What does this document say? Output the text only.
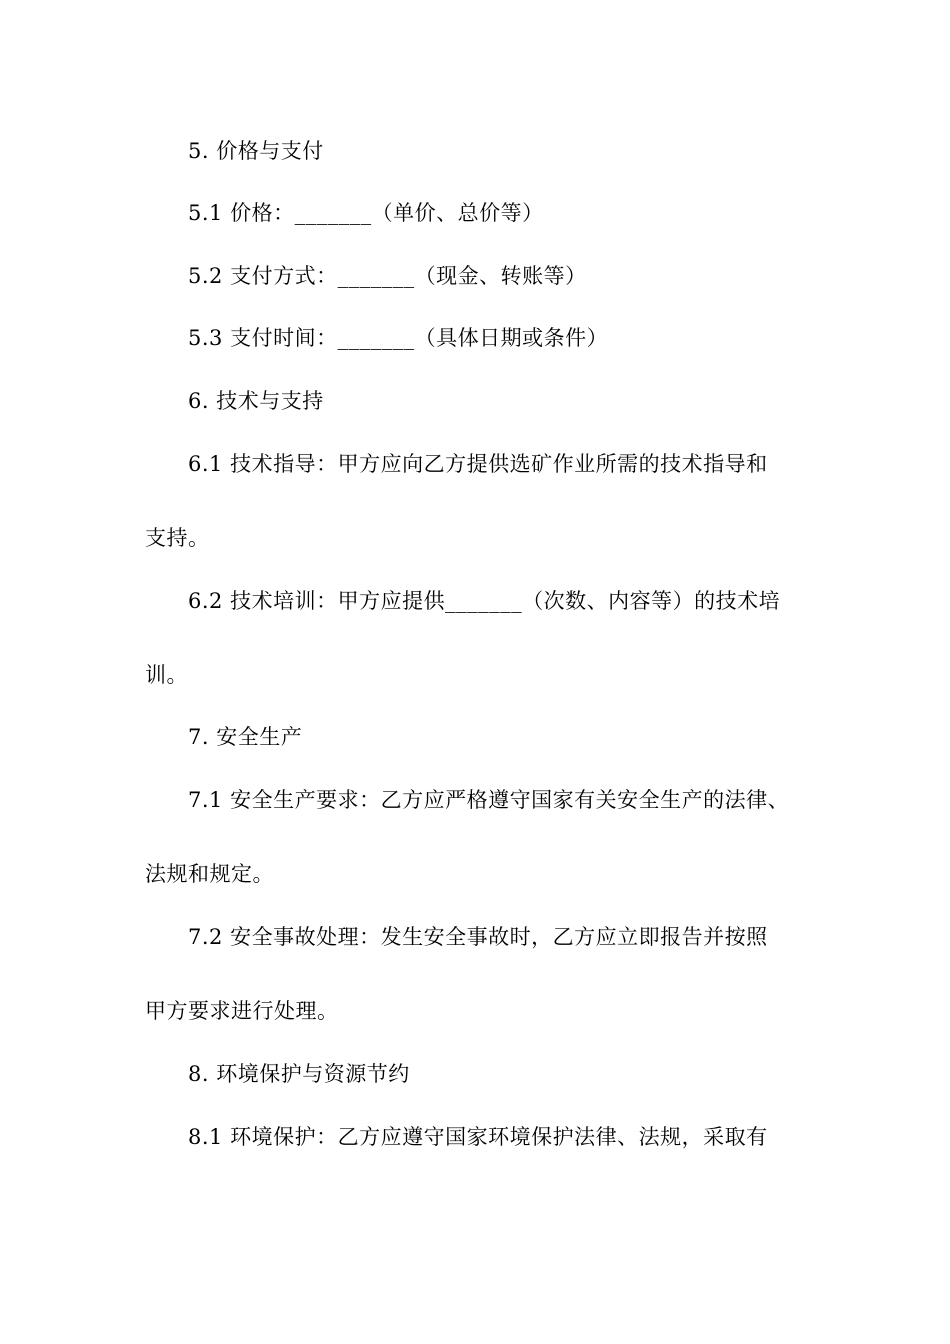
5. 价格与支付
5.1 价格：_______（单价、总价等）
5.2 支付方式：_______（现金、转账等）
5.3 支付时间：_______（具体日期或条件）
6. 技术与支持
6.1 技术指导：甲方应向乙方提供选矿作业所需的技术指导和
支持。
6.2 技术培训：甲方应提供_______（次数、内容等）的技术培
训。
7. 安全生产
7.1 安全生产要求：乙方应严格遵守国家有关安全生产的法律、
法规和规定。
7.2 安全事故处理：发生安全事故时，乙方应立即报告并按照
甲方要求进行处理。
8. 环境保护与资源节约
8.1 环境保护：乙方应遵守国家环境保护法律、法规，采取有
